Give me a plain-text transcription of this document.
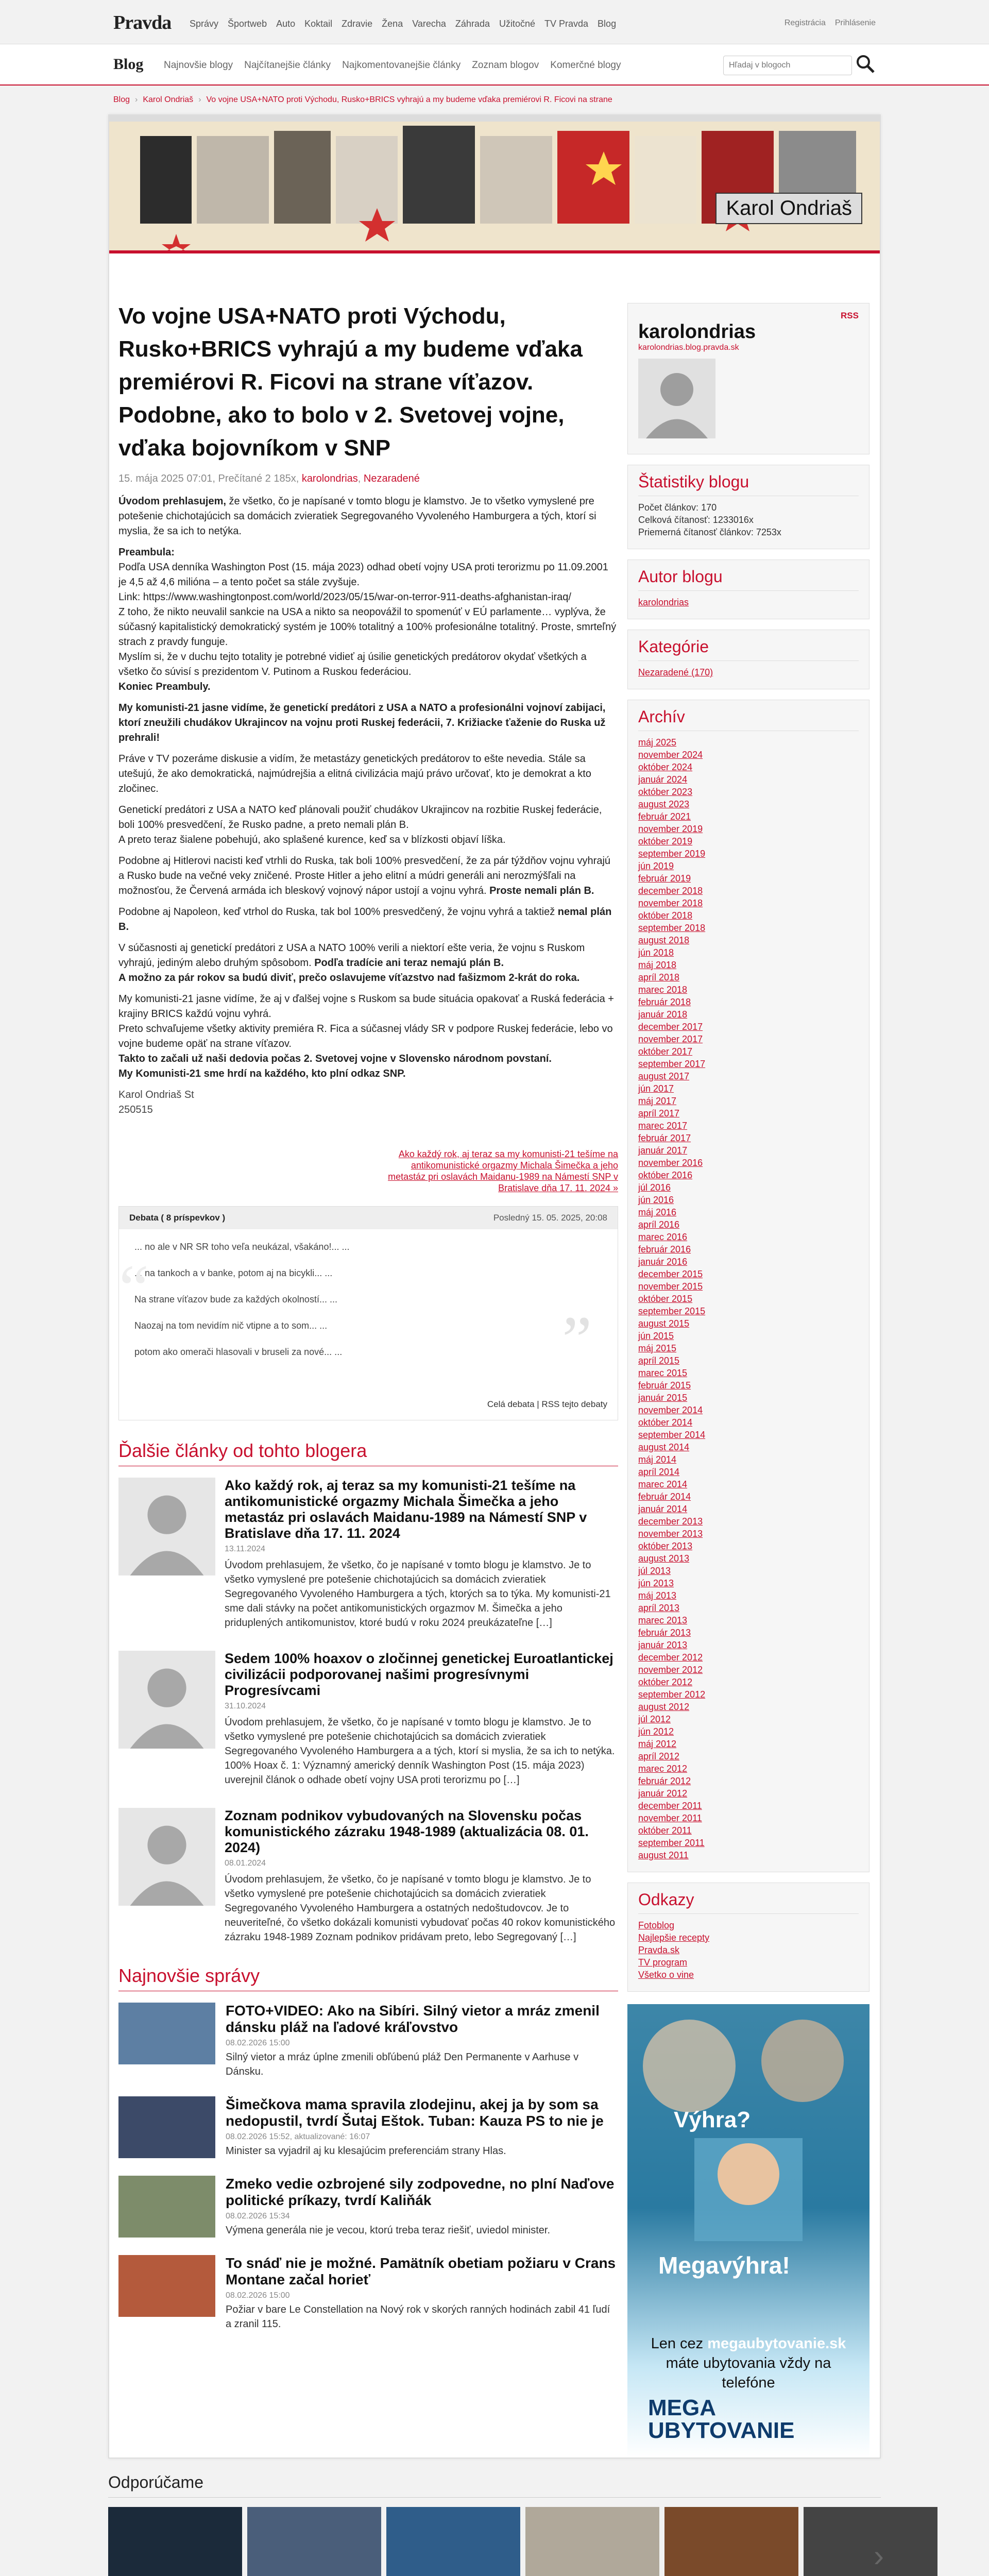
Pravda Správy Športweb Auto Koktail Zdravie Žena Varecha Záhrada Užitočné TV Pravda Blog	Registrácia Prihlásenie
Blog Najnovšie blogy Najčítanejšie články Najkomentovanejšie články Zoznam blogov Komerčné blogy
Hľadaj v blogoch
Blog › Karol Ondriaš › Vo vojne USA+NATO proti Východu, Rusko+BRICS vyhrajú a my budeme vďaka premiérovi R. Ficovi na strane
Karol Ondriaš
Vo vojne USA+NATO proti Východu, Rusko+BRICS vyhrajú a my budeme vďaka premiérovi R. Ficovi na strane víťazov. Podobne, ako to bolo v 2. Svetovej vojne, vďaka bojovníkom v SNP
15. mája 2025 07:01, Prečítané 2 185x, karolondrias, Nezaradené

Úvodom prehlasujem, že všetko, čo je napísané v tomto blogu je klamstvo. Je to všetko vymyslené pre potešenie chichotajúcich sa domácich zvieratiek Segregovaného Vyvoleného Hamburgera a tých, ktorí si myslia, že sa ich to netýka.

Preambula:
Podľa USA denníka Washington Post (15. mája 2023) odhad obetí vojny USA proti terorizmu po 11.09.2001 je 4,5 až 4,6 milióna – a tento počet sa stále zvyšuje.
Link: https://www.washingtonpost.com/world/2023/05/15/war-on-terror-911-deaths-afghanistan-iraq/
Z toho, že nikto neuvalil sankcie na USA a nikto sa neopovážil to spomenúť v EÚ parlamente… vyplýva, že súčasný kapitalistický demokratický systém je 100% totalitný a 100% profesionálne totalitný. Proste, smrteľný strach z pravdy funguje.
Myslím si, že v duchu tejto totality je potrebné vidieť aj úsilie genetických predátorov okydať všetkých a všetko čo súvisí s prezidentom V. Putinom a Ruskou federáciou.
Koniec Preambuly.

My komunisti-21 jasne vidíme, že genetickí predátori z USA a NATO a profesionálni vojnoví zabijaci, ktorí zneužili chudákov Ukrajincov na vojnu proti Ruskej federácii, 7. Križiacke ťaženie do Ruska už prehrali!

Práve v TV pozeráme diskusie a vidím, že metastázy genetických predátorov to ešte nevedia. Stále sa utešujú, že ako demokratická, najmúdrejšia a elitná civilizácia majú právo určovať, kto je demokrat a kto zločinec.

Genetickí predátori z USA a NATO keď plánovali použiť chudákov Ukrajincov na rozbitie Ruskej federácie, boli 100% presvedčení, že Rusko padne, a preto nemali plán B.
A preto teraz šialene pobehujú, ako splašené kurence, keď sa v blízkosti objaví líška.

Podobne aj Hitlerovi nacisti keď vtrhli do Ruska, tak boli 100% presvedčení, že za pár týždňov vojnu vyhrajú a Rusko bude na večné veky zničené. Proste Hitler a jeho elitní a múdri generáli ani nerozmýšľali na možnosťou, že Červená armáda ich bleskový vojnový nápor ustojí a vojnu vyhrá. Proste nemali plán B.

Podobne aj Napoleon, keď vtrhol do Ruska, tak bol 100% presvedčený, že vojnu vyhrá a taktiež nemal plán B.

V súčasnosti aj genetickí predátori z USA a NATO 100% verili a niektorí ešte veria, že vojnu s Ruskom vyhrajú, jediným alebo druhým spôsobom. Podľa tradície ani teraz nemajú plán B.
A možno za pár rokov sa budú diviť, prečo oslavujeme víťazstvo nad fašizmom 2-krát do roka.

My komunisti-21 jasne vidíme, že aj v ďalšej vojne s Ruskom sa bude situácia opakovať a Ruská federácia + krajiny BRICS každú vojnu vyhrá.
Preto schvaľujeme všetky aktivity premiéra R. Fica a súčasnej vlády SR v podpore Ruskej federácie, lebo vo vojne budeme opäť na strane víťazov.
Takto to začali už naši dedovia počas 2. Svetovej vojne v Slovensko národnom povstaní.
My Komunisti-21 sme hrdí na každého, kto plní odkaz SNP.

Karol Ondriaš St
250515

Ako každý rok, aj teraz sa my komunisti-21 tešíme na antikomunistické orgazmy Michala Šimečka a jeho metastáz pri oslavách Maidanu-1989 na Námestí SNP v Bratislave dňa 17. 11. 2024 »
Debata ( 8 príspevkov )	Posledný 15. 05. 2025, 20:08
“
”
... no ale v NR SR toho veľa neukázal, všakáno!... ...
... na tankoch a v banke, potom aj na bicykli... ...
Na strane víťazov bude za každých okolností... ...
Naozaj na tom nevidím nič vtipne a to som... ...
potom ako omerači hlasovali v bruseli za nové... ...
Celá debata | RSS tejto debaty
Ďalšie články od tohto blogera
Ako každý rok, aj teraz sa my komunisti-21 tešíme na antikomunistické orgazmy Michala Šimečka a jeho metastáz pri oslavách Maidanu-1989 na Námestí SNP v Bratislave dňa 17. 11. 2024
13.11.2024

Úvodom prehlasujem, že všetko, čo je napísané v tomto blogu je klamstvo. Je to všetko vymyslené pre potešenie chichotajúcich sa domácich zvieratiek Segregovaného Vyvoleného Hamburgera a tých, ktorých sa to týka. My komunisti-21 sme dali stávky na počet antikomunistických orgazmov M. Šimečka a jeho priduplených antikomunistov, ktoré budú v roku 2024 preukázateľne […]

Sedem 100% hoaxov o zločinnej genetickej Euroatlantickej civilizácii podporovanej našimi progresívnymi Progresívcami
31.10.2024

Úvodom prehlasujem, že všetko, čo je napísané v tomto blogu je klamstvo. Je to všetko vymyslené pre potešenie chichotajúcich sa domácich zvieratiek Segregovaného Vyvoleného Hamburgera a a tých, ktorí si myslia, že sa ich to netýka. 100% Hoax č. 1: Významný americký denník Washington Post (15. mája 2023) uverejnil článok o odhade obetí vojny USA proti terorizmu po […]

Zoznam podnikov vybudovaných na Slovensku počas komunistického zázraku 1948-1989 (aktualizácia 08. 01. 2024)
08.01.2024

Úvodom prehlasujem, že všetko, čo je napísané v tomto blogu je klamstvo. Je to všetko vymyslené pre potešenie chichotajúcich sa domácich zvieratiek Segregovaného Vyvoleného Hamburgera a ostatných nedoštudovcov. Je to neuveriteľné, čo všetko dokázali komunisti vybudovať počas 40 rokov komunistického zázraku 1948-1989 Zoznam podnikov pridávam preto, lebo Segregovaný […]

Najnovšie správy
FOTO+VIDEO: Ako na Sibíri. Silný vietor a mráz zmenil dánsku pláž na ľadové kráľovstvo
08.02.2026 15:00

Silný vietor a mráz úplne zmenili obľúbenú pláž Den Permanente v Aarhuse v Dánsku.

Šimečkova mama spravila zlodejinu, akej ja by som sa nedopustil, tvrdí Šutaj Eštok. Tuban: Kauza PS to nie je
08.02.2026 15:52, aktualizované: 16:07

Minister sa vyjadril aj ku klesajúcim preferenciám strany Hlas.

Zmeko vedie ozbrojené sily zodpovedne, no plní Naďove politické príkazy, tvrdí Kaliňák
08.02.2026 15:34

Výmena generála nie je vecou, ktorú treba teraz riešiť, uviedol minister.

To snáď nie je možné. Pamätník obetiam požiaru v Crans Montane začal horieť
08.02.2026 15:00

Požiar v bare Le Constellation na Nový rok v skorých ranných hodinách zabil 41 ľudí a zranil 115.

RSS
karolondrias
karolondrias.blog.pravda.sk
Štatistiky blogu
Počet článkov: 170
Celková čítanosť: 1233016x
Priemerná čítanosť článkov: 7253x
Autor blogu
karolondrias
Kategórie
Nezaradené (170)
Archív
máj 2025
november 2024
október 2024
január 2024
október 2023
august 2023
február 2021
november 2019
október 2019
september 2019
jún 2019
február 2019
december 2018
november 2018
október 2018
september 2018
august 2018
jún 2018
máj 2018
apríl 2018
marec 2018
február 2018
január 2018
december 2017
november 2017
október 2017
september 2017
august 2017
jún 2017
máj 2017
apríl 2017
marec 2017
február 2017
január 2017
november 2016
október 2016
júl 2016
jún 2016
máj 2016
apríl 2016
marec 2016
február 2016
január 2016
december 2015
november 2015
október 2015
september 2015
august 2015
jún 2015
máj 2015
apríl 2015
marec 2015
február 2015
január 2015
november 2014
október 2014
september 2014
august 2014
máj 2014
apríl 2014
marec 2014
február 2014
január 2014
december 2013
november 2013
október 2013
august 2013
júl 2013
jún 2013
máj 2013
apríl 2013
marec 2013
február 2013
január 2013
december 2012
november 2012
október 2012
september 2012
august 2012
júl 2012
jún 2012
máj 2012
apríl 2012
marec 2012
február 2012
január 2012
december 2011
november 2011
október 2011
september 2011
august 2011
Odkazy
Fotoblog
Najlepšie recepty
Pravda.sk
TV program
Všetko o vine
Výhra?
Megavýhra!
Len cez megaubytovanie.sk
máte ubytovania vždy na telefóne
MEGA
UBYTOVANIE
Odporúčame
›
